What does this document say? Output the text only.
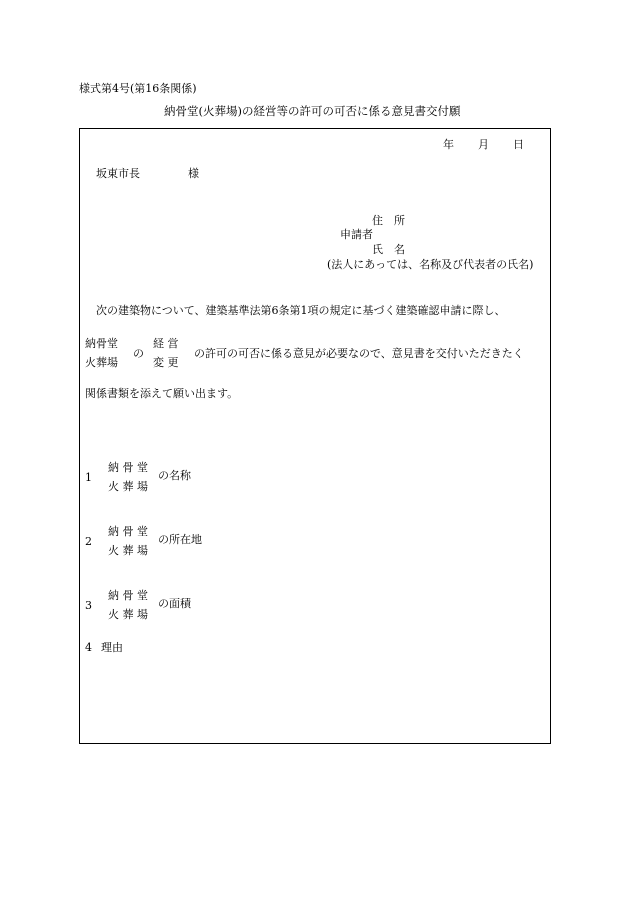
様式第4号(第16条関係)
納骨堂(火葬場)の経営等の許可の可否に係る意見書交付願
年 月 日
坂東市長	様
住　所
申請者
氏　名
(法人にあっては、名称及び代表者の氏名)
次の建築物について、建築基準法第6条第1項の規定に基づく建築確認申請に際し、
納骨堂
火葬場
の
経 営
変 更
の許可の可否に係る意見が必要なので、意見書を交付いただきたく
関係書類を添えて願い出ます。
1
納 骨 堂
火 葬 場
の名称
2
納 骨 堂
火 葬 場
の所在地
3
納 骨 堂
火 葬 場
の面積
4 理由
